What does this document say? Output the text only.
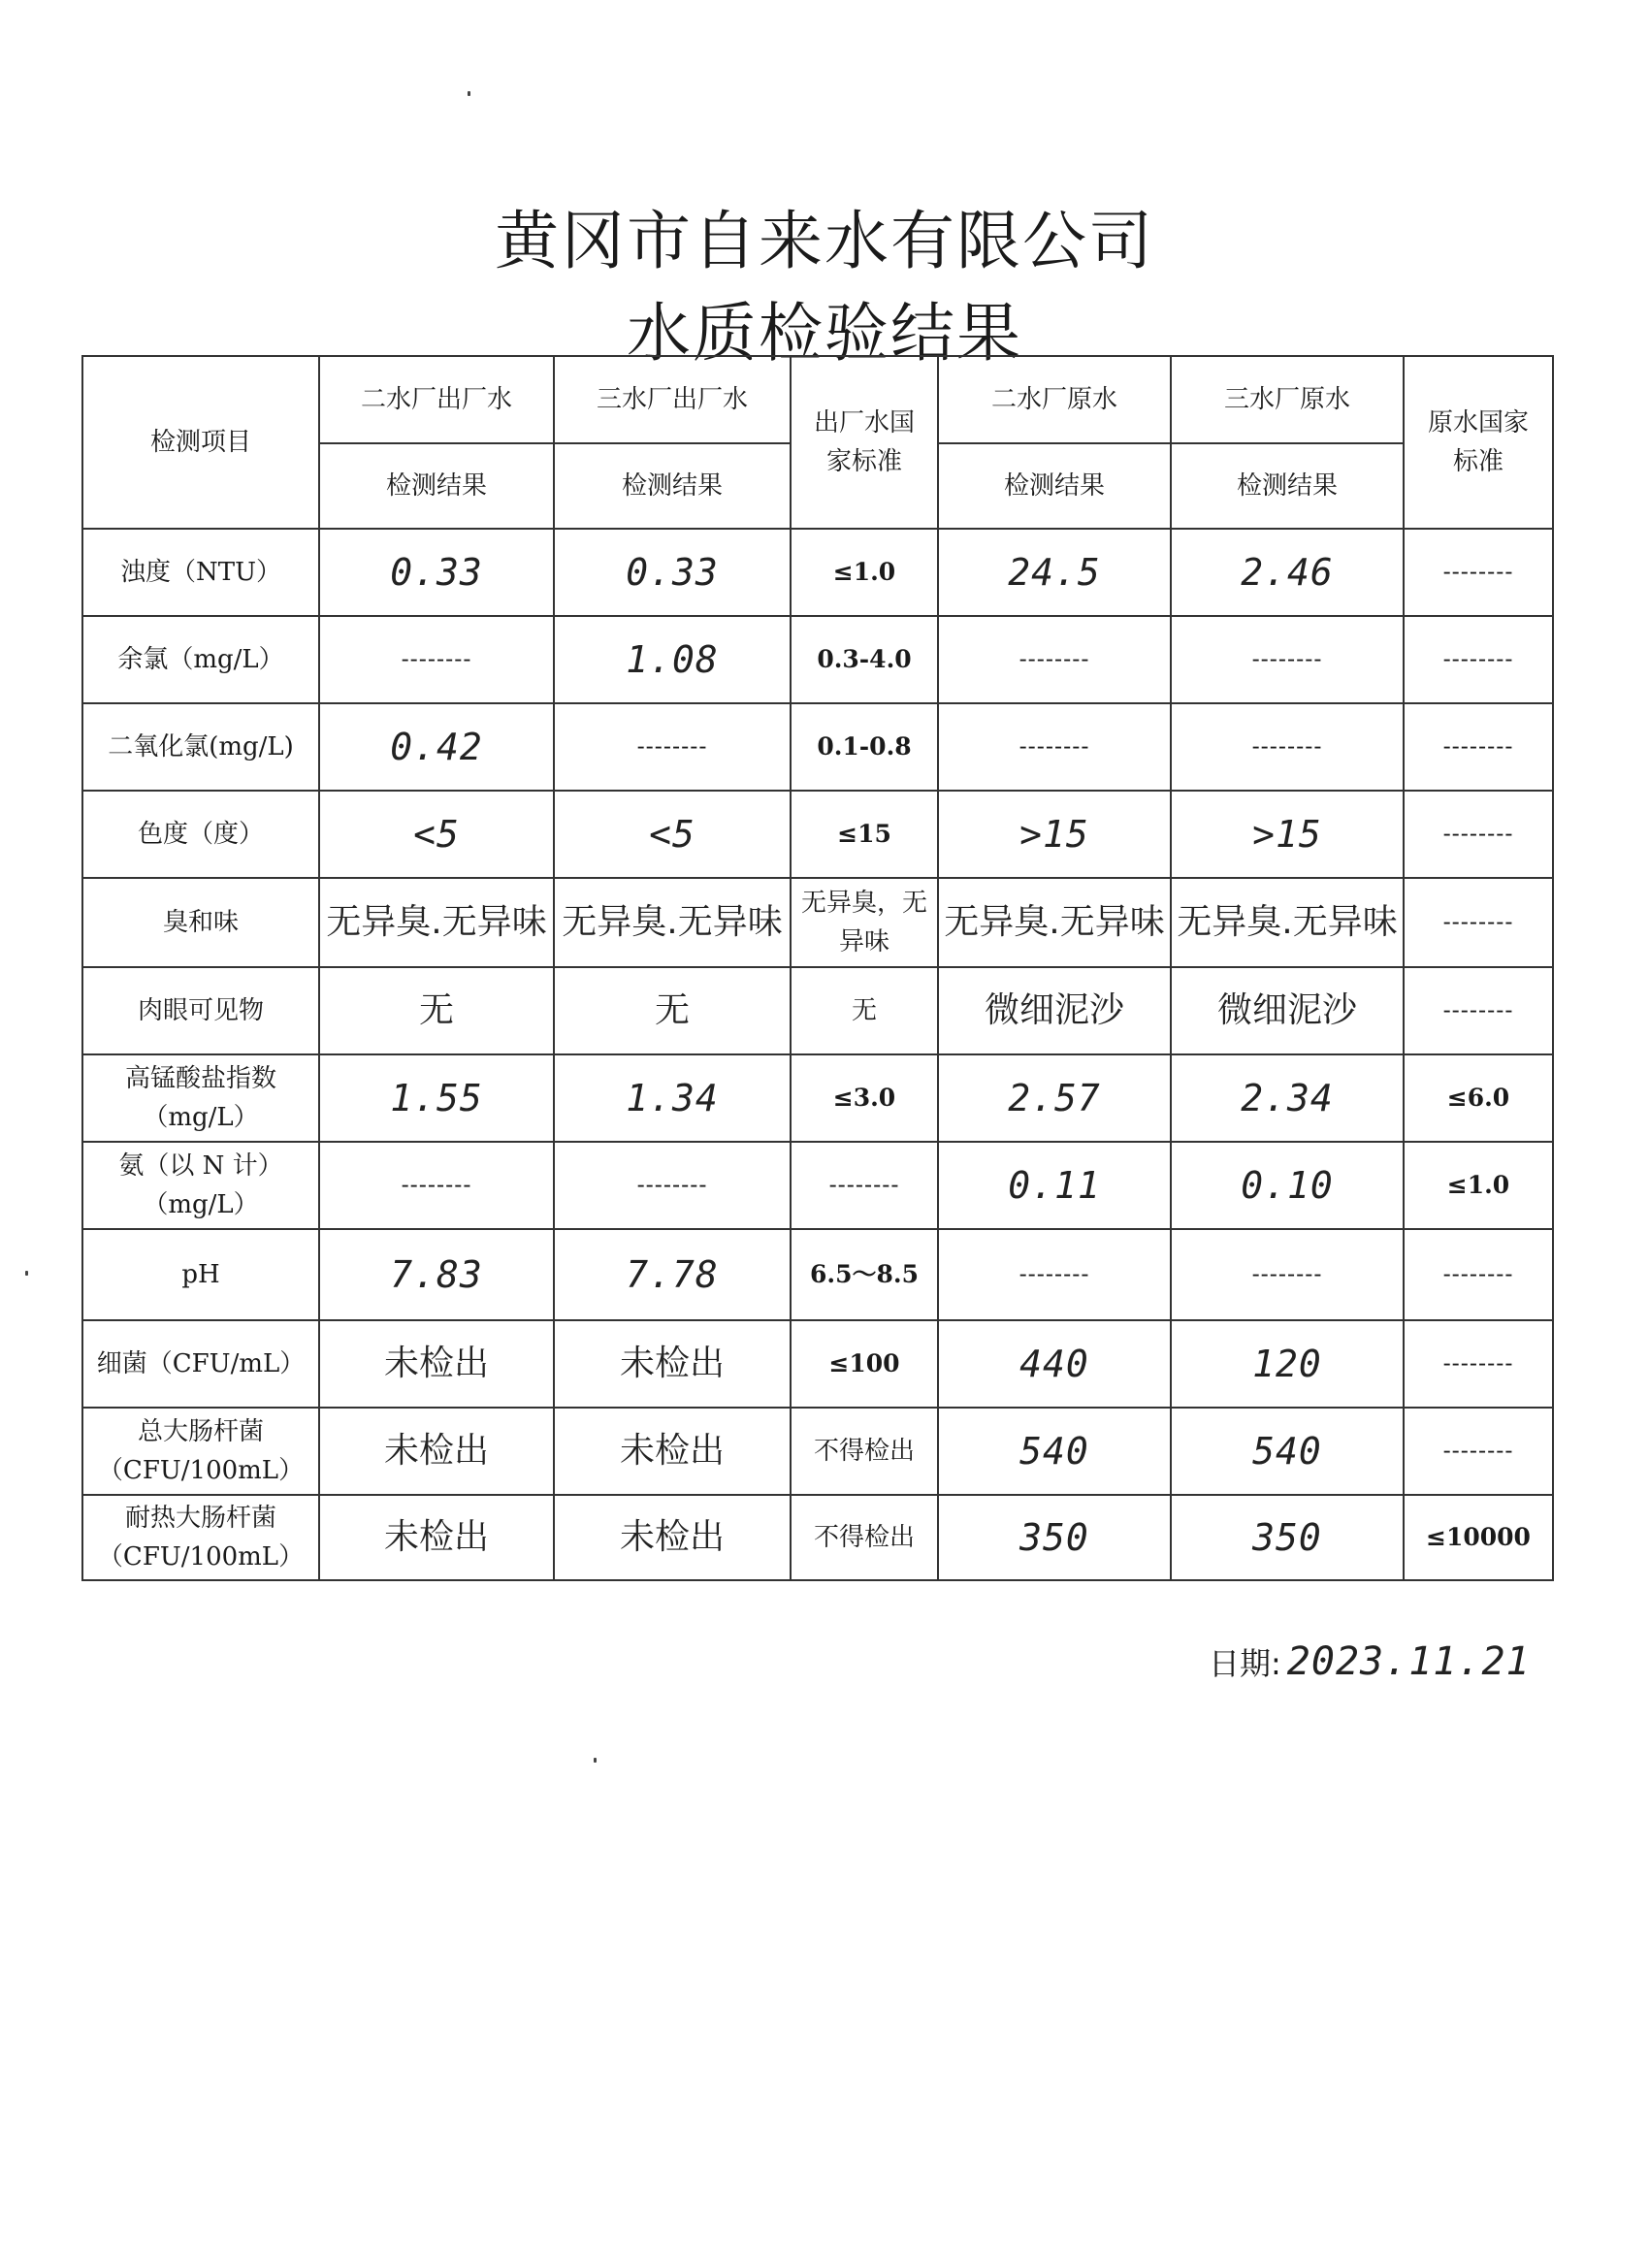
黄冈市自来水有限公司
水质检验结果
检测项目	二水厂出厂水	三水厂出厂水	出厂水国家标准	二水厂原水	三水厂原水	原水国家标准
	检测结果	检测结果		检测结果	检测结果	
浊度（NTU）	0.33	0.33	≤1.0	24.5	2.46	--------
余氯（mg/L）	--------	1.08	0.3-4.0	--------	--------	--------
二氧化氯(mg/L)	0.42	--------	0.1-0.8	--------	--------	--------
色度（度）	<5	<5	≤15	>15	>15	--------
臭和味	无异臭.无异味	无异臭.无异味	无异臭，无异味	无异臭.无异味	无异臭.无异味	--------
肉眼可见物	无	无	无	微细泥沙	微细泥沙	--------
高锰酸盐指数（mg/L）	1.55	1.34	≤3.0	2.57	2.34	≤6.0
氨（以 N 计）（mg/L）	--------	--------	--------	0.11	0.10	≤1.0
pH	7.83	7.78	6.5～8.5	--------	--------	--------
细菌（CFU/mL）	未检出	未检出	≤100	440	120	--------
总大肠杆菌（CFU/100mL）	未检出	未检出	不得检出	540	540	--------
耐热大肠杆菌（CFU/100mL）	未检出	未检出	不得检出	350	350	≤10000
日期: 2023.11.21
